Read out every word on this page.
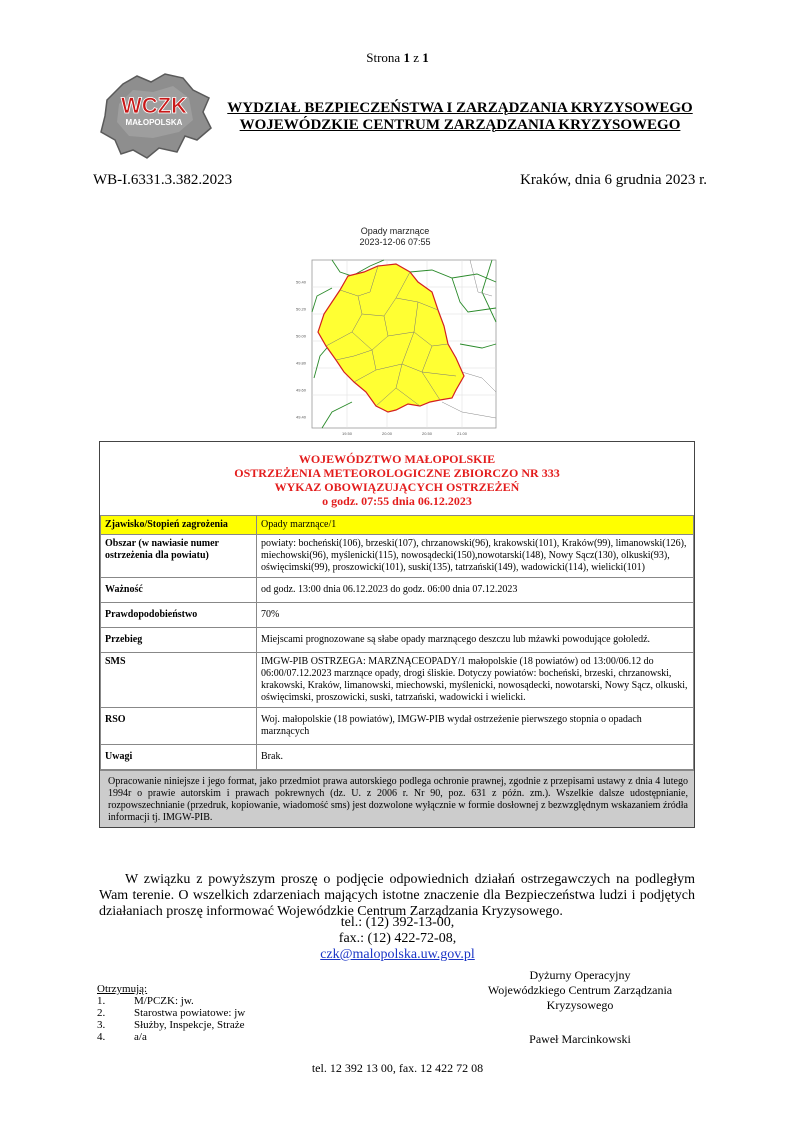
Strona 1 z 1
WCZK
MAŁOPOLSKA
WYDZIAŁ BEZPIECZEŃSTWA I ZARZĄDZANIA KRYZYSOWEGO
WOJEWÓDZKIE CENTRUM ZARZĄDZANIA KRYZYSOWEGO
WB-I.6331.3.382.2023	Kraków, dnia 6 grudnia 2023 r.
Opady marznące
2023-12-06 07:55
50.40
50.20
50.00
49.80
49.60
49.40
19.50	20.00	20.50	21.00
WOJEWÓDZTWO MAŁOPOLSKIE
OSTRZEŻENIA METEOROLOGICZNE ZBIORCZO NR 333
WYKAZ OBOWIĄZUJĄCYCH OSTRZEŻEŃ
o godz. 07:55 dnia 06.12.2023
Zjawisko/Stopień zagrożenia	Opady marznące/1
Obszar (w nawiasie numer ostrzeżenia dla powiatu)	powiaty: bocheński(106), brzeski(107), chrzanowski(96), krakowski(101), Kraków(99), limanowski(126), miechowski(96), myślenicki(115), nowosądecki(150),nowotarski(148), Nowy Sącz(130), olkuski(93), oświęcimski(99), proszowicki(101), suski(135), tatrzański(149), wadowicki(114), wielicki(101)
Ważność	od godz. 13:00 dnia 06.12.2023 do godz. 06:00 dnia 07.12.2023
Prawdopodobieństwo	70%
Przebieg	Miejscami prognozowane są słabe opady marznącego deszczu lub mżawki powodujące gołoledź.
SMS	IMGW-PIB OSTRZEGA: MARZNĄCEOPADY/1 małopolskie (18 powiatów) od 13:00/06.12 do 06:00/07.12.2023 marznące opady, drogi śliskie. Dotyczy powiatów: bocheński, brzeski, chrzanowski, krakowski, Kraków, limanowski, miechowski, myślenicki, nowosądecki, nowotarski, Nowy Sącz, olkuski, oświęcimski, proszowicki, suski, tatrzański, wadowicki i wielicki.
RSO	Woj. małopolskie (18 powiatów), IMGW-PIB wydał ostrzeżenie pierwszego stopnia o opadach marznących
Uwagi	Brak.
Opracowanie niniejsze i jego format, jako przedmiot prawa autorskiego podlega ochronie prawnej, zgodnie z przepisami ustawy z dnia 4 lutego 1994r o prawie autorskim i prawach pokrewnych (dz. U. z 2006 r. Nr 90, poz. 631 z późn. zm.). Wszelkie dalsze udostępnianie, rozpowszechnianie (przedruk, kopiowanie, wiadomość sms) jest dozwolone wyłącznie w formie dosłownej z bezwzględnym wskazaniem źródła informacji tj. IMGW-PIB.

W związku z powyższym proszę o podjęcie odpowiednich działań ostrzegawczych na podległym Wam terenie. O wszelkich zdarzeniach mających istotne znaczenie dla Bezpieczeństwa ludzi i podjętych działaniach proszę informować Wojewódzkie Centrum Zarządzania Kryzysowego.

tel.: (12) 392-13-00,
fax.: (12) 422-72-08,
czk@malopolska.uw.gov.pl
Otrzymują:
1.	M/PCZK: jw.
2.	Starostwa powiatowe: jw
3.	Służby, Inspekcje, Straże
4.	a/a
Dyżurny Operacyjny
Wojewódzkiego Centrum Zarządzania
Kryzysowego
Paweł Marcinkowski
tel. 12 392 13 00, fax. 12 422 72 08
